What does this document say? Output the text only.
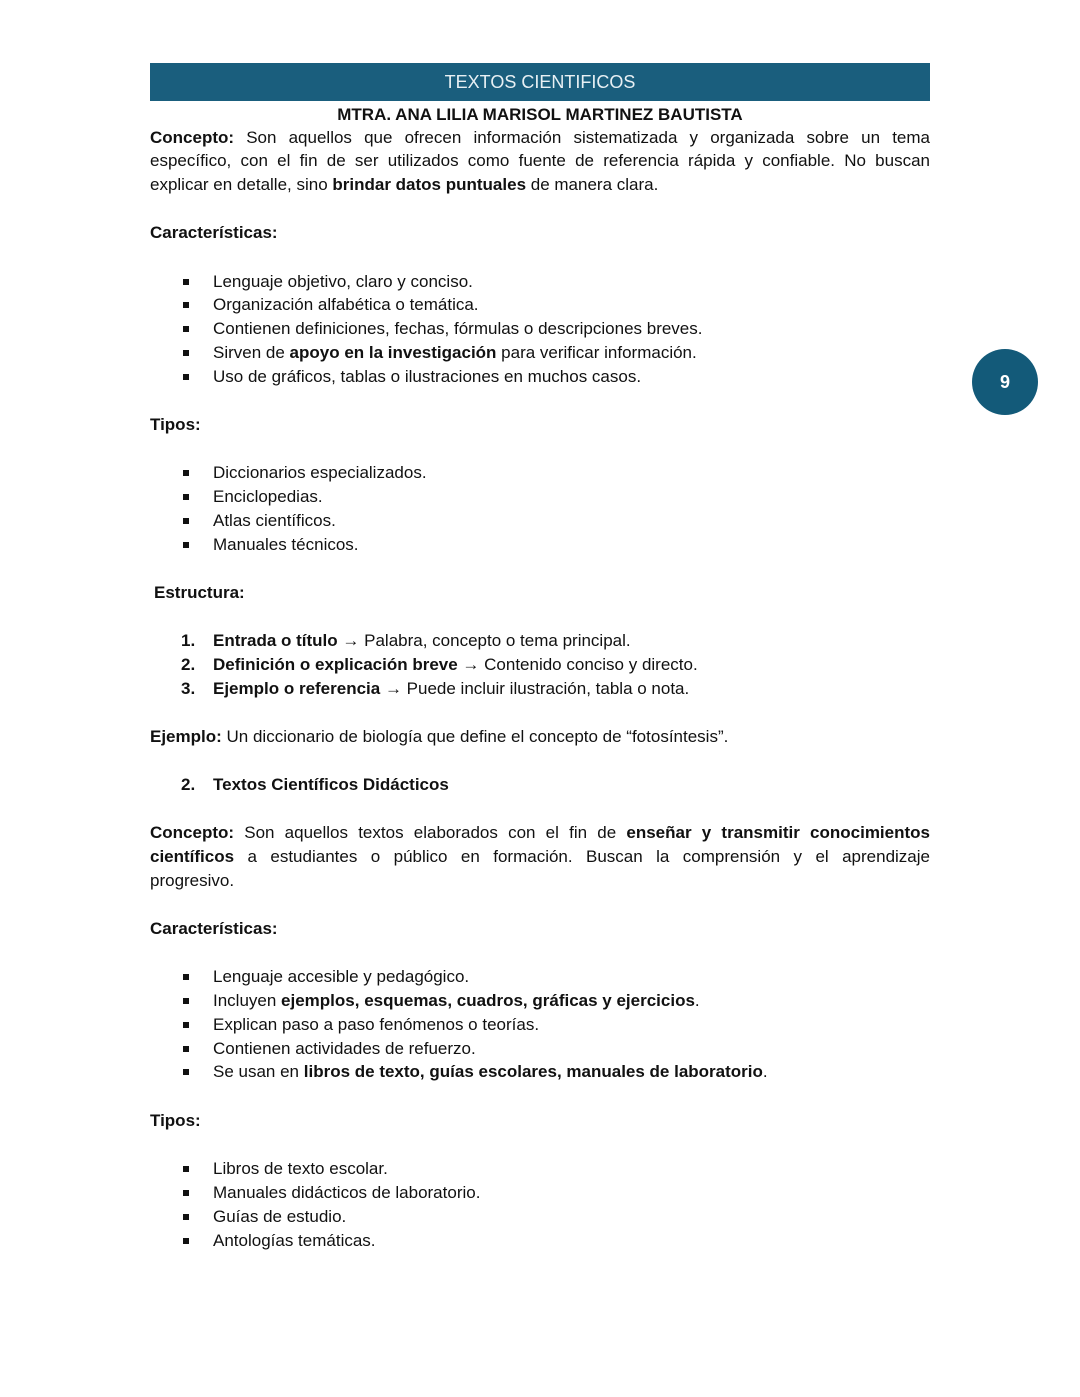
TEXTOS CIENTIFICOS
MTRA. ANA LILIA MARISOL MARTINEZ BAUTISTA
9
Concepto: Son aquellos que ofrecen información sistematizada y organizada sobre un tema
específico, con el fin de ser utilizados como fuente de referencia rápida y confiable. No buscan
explicar en detalle, sino brindar datos puntuales de manera clara.
Características:
Lenguaje objetivo, claro y conciso.
Organización alfabética o temática.
Contienen definiciones, fechas, fórmulas o descripciones breves.
Sirven de apoyo en la investigación para verificar información.
Uso de gráficos, tablas o ilustraciones en muchos casos.
Tipos:
Diccionarios especializados.
Enciclopedias.
Atlas científicos.
Manuales técnicos.
Estructura:
1. Entrada o título → Palabra, concepto o tema principal.
2. Definición o explicación breve → Contenido conciso y directo.
3. Ejemplo o referencia → Puede incluir ilustración, tabla o nota.
Ejemplo: Un diccionario de biología que define el concepto de “fotosíntesis”.
2. Textos Científicos Didácticos
Concepto: Son aquellos textos elaborados con el fin de enseñar y transmitir conocimientos
científicos a estudiantes o público en formación. Buscan la comprensión y el aprendizaje
progresivo.
Características:
Lenguaje accesible y pedagógico.
Incluyen ejemplos, esquemas, cuadros, gráficas y ejercicios.
Explican paso a paso fenómenos o teorías.
Contienen actividades de refuerzo.
Se usan en libros de texto, guías escolares, manuales de laboratorio.
Tipos:
Libros de texto escolar.
Manuales didácticos de laboratorio.
Guías de estudio.
Antologías temáticas.
